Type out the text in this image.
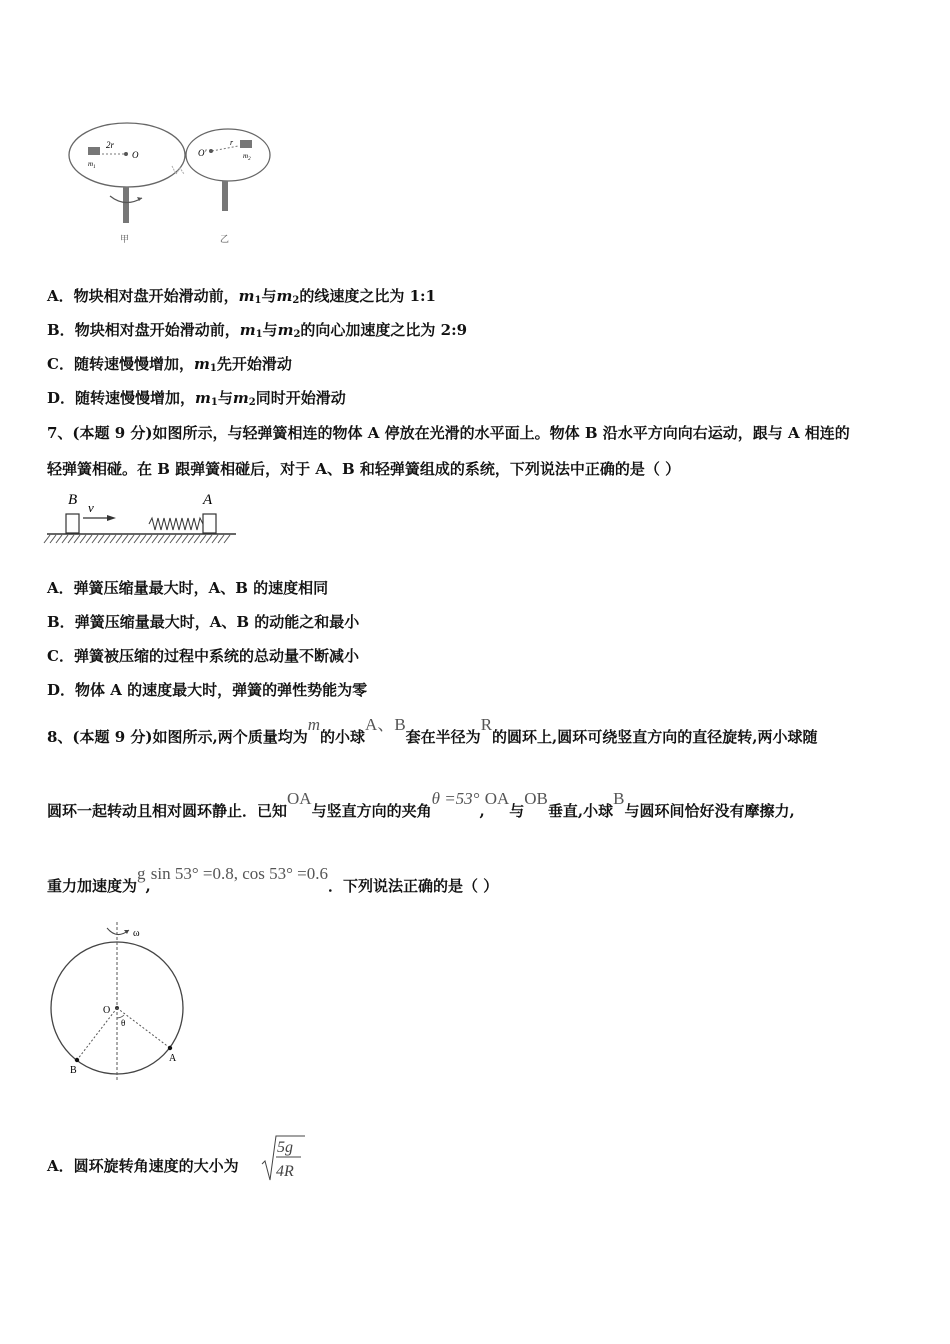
2r
O
$m_1$
O′
r
$m_2$
甲	乙
A．物块相对盘开始滑动前，$m_1$与$m_2$的线速度之比为 1:1
B．物块相对盘开始滑动前，$m_1$与$m_2$的向心加速度之比为 2:9
C．随转速慢慢增加，$m_1$先开始滑动
D．随转速慢慢增加，$m_1$与$m_2$同时开始滑动
7、(本题 9 分)如图所示，与轻弹簧相连的物体 A 停放在光滑的水平面上。物体 B 沿水平方向向右运动，跟与 A 相连的
轻弹簧相碰。在 B 跟弹簧相碰后，对于 A、B 和轻弹簧组成的系统，下列说法中正确的是（ ）
B v	A
A．弹簧压缩量最大时，A、B 的速度相同
B．弹簧压缩量最大时，A、B 的动能之和最小
C．弹簧被压缩的过程中系统的总动量不断减小
D．物体 A 的速度最大时，弹簧的弹性势能为零
8、(本题 9 分)如图所示,两个质量均为m的小球A、B套在半径为R的圆环上,圆环可绕竖直方向的直径旋转,两小球随
圆环一起转动且相对圆环静止．已知OA与竖直方向的夹角θ =53°,OA与OB垂直,小球B与圆环间恰好没有摩擦力,
重力加速度为g,sin 53° =0.8, cos 53° =0.6．下列说法正确的是（ ）
ω
O
θ
A
B
A．圆环旋转角速度的大小为
5g
4R
